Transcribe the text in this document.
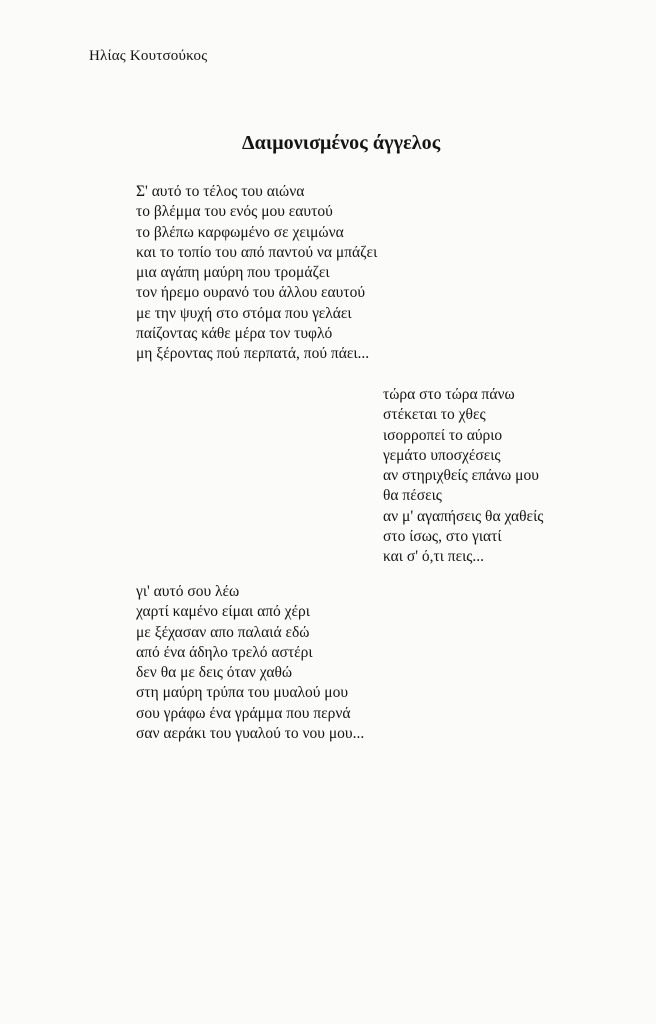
Ηλίας Κουτσούκος
Δαιμονισμένος άγγελος
Σ' αυτό το τέλος του αιώνα
το βλέμμα του ενός μου εαυτού
το βλέπω καρφωμένο σε χειμώνα
και το τοπίο του από παντού να μπάζει
μια αγάπη μαύρη που τρομάζει
τον ήρεμο ουρανό του άλλου εαυτού
με την ψυχή στο στόμα που γελάει
παίζοντας κάθε μέρα τον τυφλό
μη ξέροντας πού περπατά, πού πάει...
τώρα στο τώρα πάνω
στέκεται το χθες
ισορροπεί το αύριο
γεμάτο υποσχέσεις
αν στηριχθείς επάνω μου
θα πέσεις
αν μ' αγαπήσεις θα χαθείς
στο ίσως, στο γιατί
και σ' ό,τι πεις...
γι' αυτό σου λέω
χαρτί καμένο είμαι από χέρι
με ξέχασαν απο παλαιά εδώ
από ένα άδηλο τρελό αστέρι
δεν θα με δεις όταν χαθώ
στη μαύρη τρύπα του μυαλού μου
σου γράφω ένα γράμμα που περνά
σαν αεράκι του γυαλού το νου μου...
